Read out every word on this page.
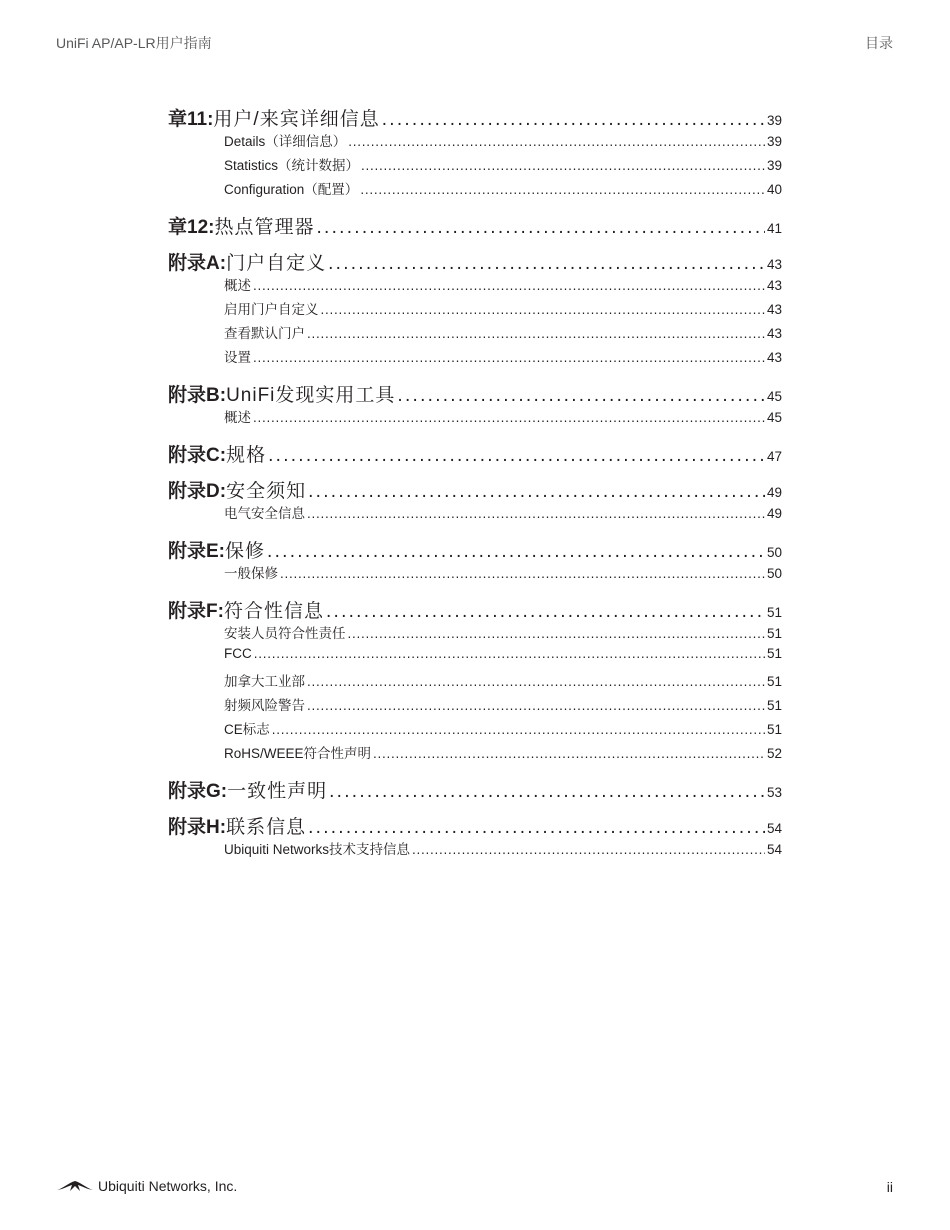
UniFi AP/AP-LR用户指南	目录
章11:用户/来宾详细信息 . . .	39
Details（详细信息） . . .	39
Statistics（统计数据） . . .	39
Configuration（配置） . . .	40
章12:热点管理器 . . .	41
附录A:门户自定义 . . .	43
概述 . . .	43
启用门户自定义 . . .	43
查看默认门户 . . .	43
设置 . . .	43
附录B:UniFi发现实用工具 . . .	45
概述 . . .	45
附录C:规格 . . .	47
附录D:安全须知 . . .	49
电气安全信息 . . .	49
附录E:保修 . . .	50
一般保修 . . .	50
附录F:符合性信息 . . .	51
安装人员符合性责任 . . .	51
FCC . . .	51
加拿大工业部 . . .	51
射频风险警告 . . .	51
CE标志 . . .	51
RoHS/WEEE符合性声明 . . .	52
附录G:一致性声明 . . .	53
附录H:联系信息 . . .	54
Ubiquiti Networks技术支持信息 . . .	54
Ubiquiti Networks, Inc.	ii
